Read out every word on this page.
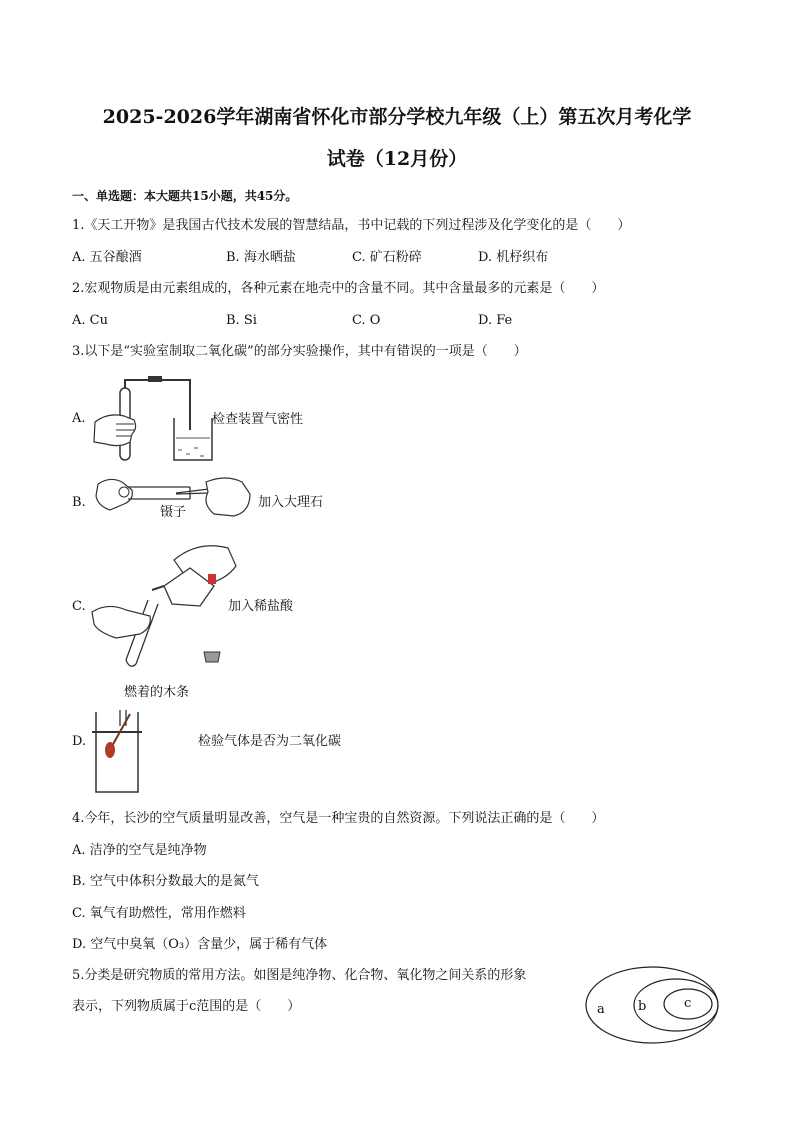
2025-2026学年湖南省怀化市部分学校九年级（上）第五次月考化学
试卷（12月份）
一、单选题：本大题共15小题，共45分。
1.《天工开物》是我国古代技术发展的智慧结晶，书中记载的下列过程涉及化学变化的是（　　）
A. 五谷酿酒	B. 海水晒盐	C. 矿石粉碎	D. 机杼织布
2.宏观物质是由元素组成的，各种元素在地壳中的含量不同。其中含量最多的元素是（　　）
A. Cu	B. Si	C. O	D. Fe
3.以下是“实验室制取二氧化碳”的部分实验操作，其中有错误的一项是（　　）
A.	检查装置气密性
B.
镊子
加入大理石
C.	加入稀盐酸
燃着的木条
D.	检验气体是否为二氧化碳
4.今年，长沙的空气质量明显改善，空气是一种宝贵的自然资源。下列说法正确的是（　　）
A. 洁净的空气是纯净物
B. 空气中体积分数最大的是氮气
C. 氧气有助燃性，常用作燃料
D. 空气中臭氧（O₃）含量少，属于稀有气体
5.分类是研究物质的常用方法。如图是纯净物、化合物、氧化物之间关系的形象
表示，下列物质属于c范围的是（　　）	a	b	c
